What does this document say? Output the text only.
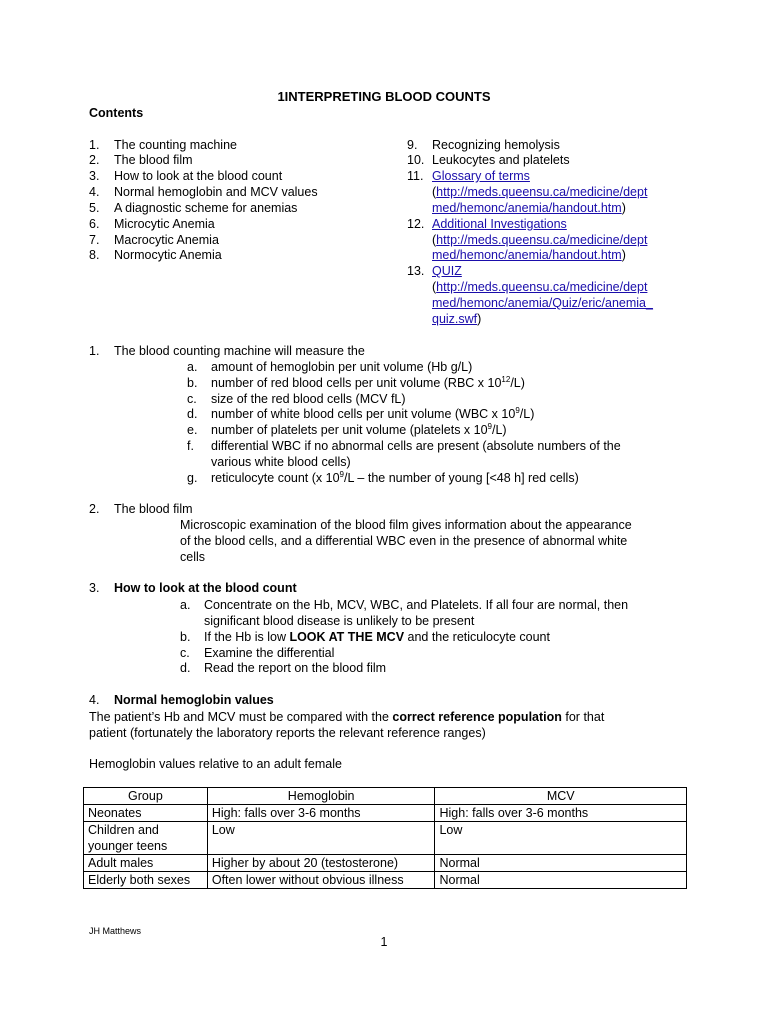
1INTERPRETING BLOOD COUNTS
Contents
1. The counting machine
2. The blood film
3. How to look at the blood count
4. Normal hemoglobin and MCV values
5. A diagnostic scheme for anemias
6. Microcytic Anemia
7. Macrocytic Anemia
8. Normocytic Anemia
9. Recognizing hemolysis
10. Leukocytes and platelets
11. Glossary of terms
(http://meds.queensu.ca/medicine/dept
med/hemonc/anemia/handout.htm)
12. Additional Investigations
(http://meds.queensu.ca/medicine/dept
med/hemonc/anemia/handout.htm)
13. QUIZ
(http://meds.queensu.ca/medicine/dept
med/hemonc/anemia/Quiz/eric/anemia_
quiz.swf)
1. The blood counting machine will measure the
a. amount of hemoglobin per unit volume (Hb g/L)
b. number of red blood cells per unit volume (RBC x $10^{12}/L$)
c. size of the red blood cells (MCV fL)
d. number of white blood cells per unit volume (WBC x $10^9/L$)
e. number of platelets per unit volume (platelets x $10^9/L$)
f. differential WBC if no abnormal cells are present (absolute numbers of the
various white blood cells)
g. reticulocyte count (x $10^9/L$ – the number of young [<48 h] red cells)
2. The blood film
Microscopic examination of the blood film gives information about the appearance
of the blood cells, and a differential WBC even in the presence of abnormal white
cells
3. How to look at the blood count
a. Concentrate on the Hb, MCV, WBC, and Platelets. If all four are normal, then
significant blood disease is unlikely to be present
b. If the Hb is low LOOK AT THE MCV and the reticulocyte count
c. Examine the differential
d. Read the report on the blood film
4. Normal hemoglobin values
The patient’s Hb and MCV must be compared with the correct reference population for that
patient (fortunately the laboratory reports the relevant reference ranges)
Hemoglobin values relative to an adult female
Group	Hemoglobin	MCV
Neonates	High: falls over 3-6 months	High: falls over 3-6 months
Children and younger teens	Low	Low
Adult males	Higher by about 20 (testosterone)	Normal
Elderly both sexes	Often lower without obvious illness	Normal
JH Matthews
1
